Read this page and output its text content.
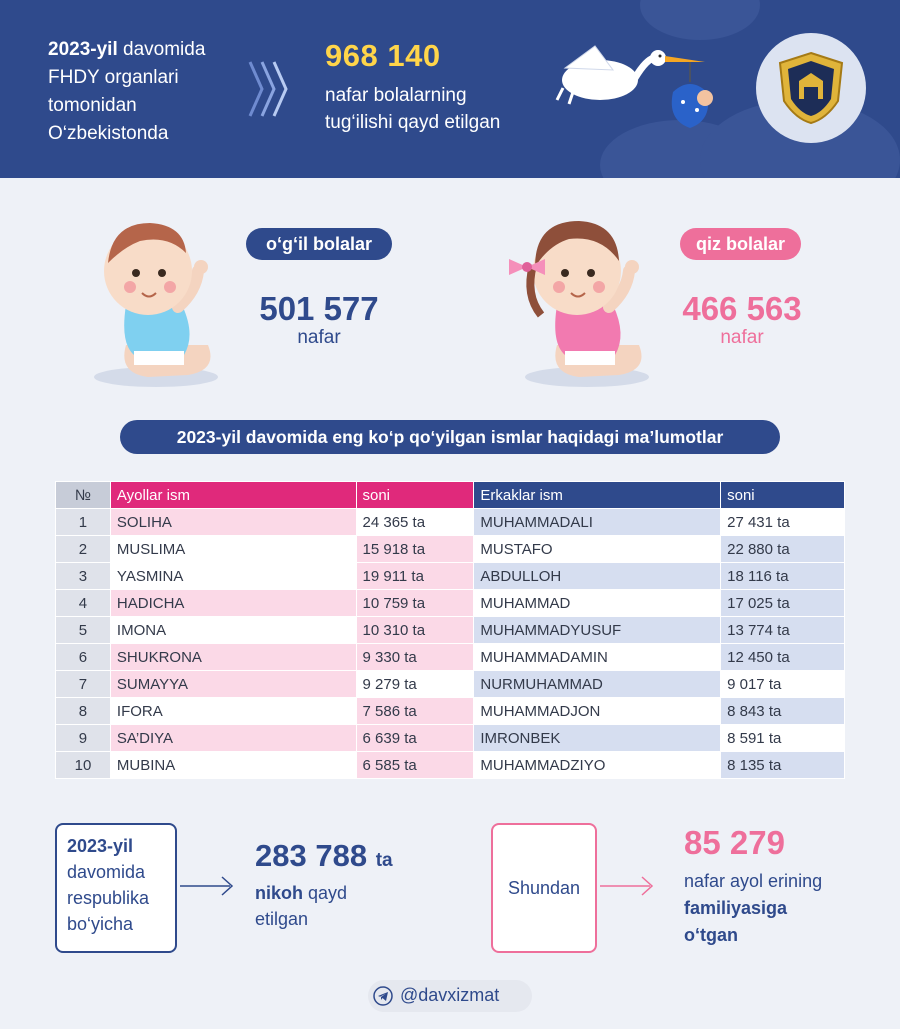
2023-yil davomida
FHDY organlari
tomonidan
O‘zbekistonda
968 140
nafar bolalarning
tug‘ilishi qayd etilgan
o‘g‘il bolalar
501 577
nafar
qiz bolalar
466 563
nafar
2023-yil davomida eng ko‘p qo‘yilgan ismlar haqidagi ma’lumotlar
№	Ayollar ism	soni	Erkaklar ism	soni
1	SOLIHA	24 365 ta	MUHAMMADALI	27 431 ta
2	MUSLIMA	15 918 ta	MUSTAFO	22 880 ta
3	YASMINA	19 911 ta	ABDULLOH	18 116 ta
4	HADICHA	10 759 ta	MUHAMMAD	17 025 ta
5	IMONA	10 310 ta	MUHAMMADYUSUF	13 774 ta
6	SHUKRONA	9 330 ta	MUHAMMADAMIN	12 450 ta
7	SUMAYYA	9 279 ta	NURMUHAMMAD	9 017 ta
8	IFORA	7 586 ta	MUHAMMADJON	8 843 ta
9	SA’DIYA	6 639 ta	IMRONBEK	8 591 ta
10	MUBINA	6 585 ta	MUHAMMADZIYO	8 135 ta
2023-yil
davomida
respublika
bo‘yicha
283 788 ta
nikoh qayd
etilgan
Shundan
85 279
nafar ayol erining
familiyasiga
o‘tgan
@davxizmat
